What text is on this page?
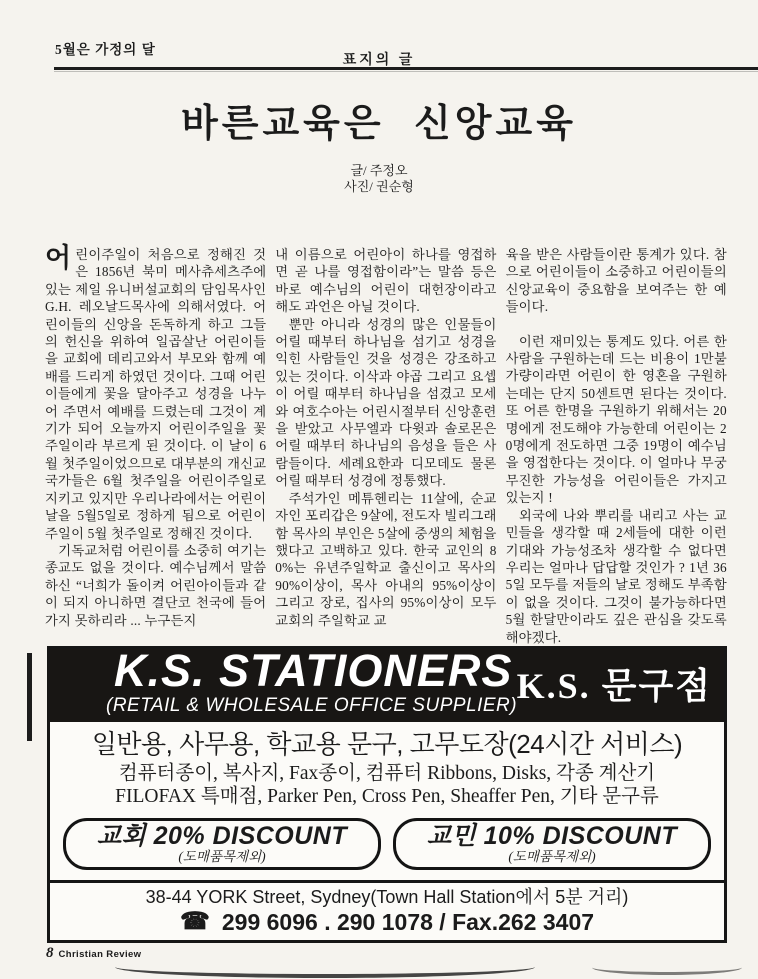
5월은 가정의 달
표지의 글
바른교육은 신앙교육
글/ 주정오
사진/ 권순형

어린이주일이 처음으로 정해진 것은 1856년 북미 메사츄세츠주에 있는 제일 유니버설교회의 담임목사인 G.H. 레오날드목사에 의해서였다. 어린이들의 신앙을 돈독하게 하고 그들의 헌신을 위하여 일곱살난 어린이들을 교회에 데리고와서 부모와 함께 예배를 드리게 하였던 것이다. 그때 어린이들에게 꽃을 달아주고 성경을 나누어 주면서 예배를 드렸는데 그것이 계기가 되어 오늘까지 어린이주일을 꽃주일이라 부르게 된 것이다. 이 날이 6월 첫주일이었으므로 대부분의 개신교 국가들은 6월 첫주일을 어린이주일로 지키고 있지만 우리나라에서는 어린이 날을 5월5일로 정하게 됨으로 어린이주일이 5월 첫주일로 정해진 것이다.

기독교처럼 어린이를 소중히 여기는 종교도 없을 것이다. 예수님께서 말씀하신 “너희가 돌이켜 어린아이들과 같이 되지 아니하면 결단코 천국에 들어가지 못하리라 ... 누구든지

내 이름으로 어린아이 하나를 영접하면 곧 나를 영접함이라”는 말씀 등은 바로 예수님의 어린이 대헌장이라고 해도 과언은 아닐 것이다.

뿐만 아니라 성경의 많은 인물들이 어릴 때부터 하나님을 섬기고 성경을 익힌 사람들인 것을 성경은 강조하고 있는 것이다. 이삭과 야곱 그리고 요셉이 어릴 때부터 하나님을 섬겼고 모세와 여호수아는 어린시절부터 신앙훈련을 받았고 사무엘과 다윗과 솔로몬은 어릴 때부터 하나님의 음성을 들은 사람들이다. 세례요한과 디모데도 물론 어릴 때부터 성경에 정통했다.

주석가인 메튜헨리는 11살에, 순교자인 포리갑은 9살에, 전도자 빌리그래함 목사의 부인은 5살에 중생의 체험을 했다고 고백하고 있다. 한국 교인의 80%는 유년주일학교 출신이고 목사의 90%이상이, 목사 아내의 95%이상이 그리고 장로, 집사의 95%이상이 모두 교회의 주일학교 교

육을 받은 사람들이란 통계가 있다. 참으로 어린이들이 소중하고 어린이들의 신앙교육이 중요함을 보여주는 한 예들이다.

이런 재미있는 통계도 있다. 어른 한 사람을 구원하는데 드는 비용이 1만불가량이라면 어린이 한 영혼을 구원하는데는 단지 50센트면 된다는 것이다. 또 어른 한명을 구원하기 위해서는 20명에게 전도해야 가능한데 어린이는 20명에게 전도하면 그중 19명이 예수님을 영접한다는 것이다. 이 얼마나 무궁무진한 가능성을 어린이들은 가지고 있는지 !

외국에 나와 뿌리를 내리고 사는 교민들을 생각할 때 2세들에 대한 이런 기대와 가능성조차 생각할 수 없다면 우리는 얼마나 답답할 것인가 ? 1년 365일 모두를 저들의 날로 정해도 부족함이 없을 것이다. 그것이 불가능하다면 5월 한달만이라도 깊은 관심을 갖도록 해야겠다.

K.S. STATIONERS K.S. 문구점
(RETAIL & WHOLESALE OFFICE SUPPLIER)
일반용, 사무용, 학교용 문구, 고무도장(24시간 서비스)
컴퓨터종이, 복사지, Fax종이, 컴퓨터 Ribbons, Disks, 각종 계산기
FILOFAX 특매점, Parker Pen, Cross Pen, Sheaffer Pen, 기타 문구류
교회 20% DISCOUNT
(도매품목제외)
교민 10% DISCOUNT
(도매품목제외)
38-44 YORK Street, Sydney(Town Hall Station에서 5분 거리)
☎ 299 6096 . 290 1078 / Fax.262 3407
8 Christian Review
